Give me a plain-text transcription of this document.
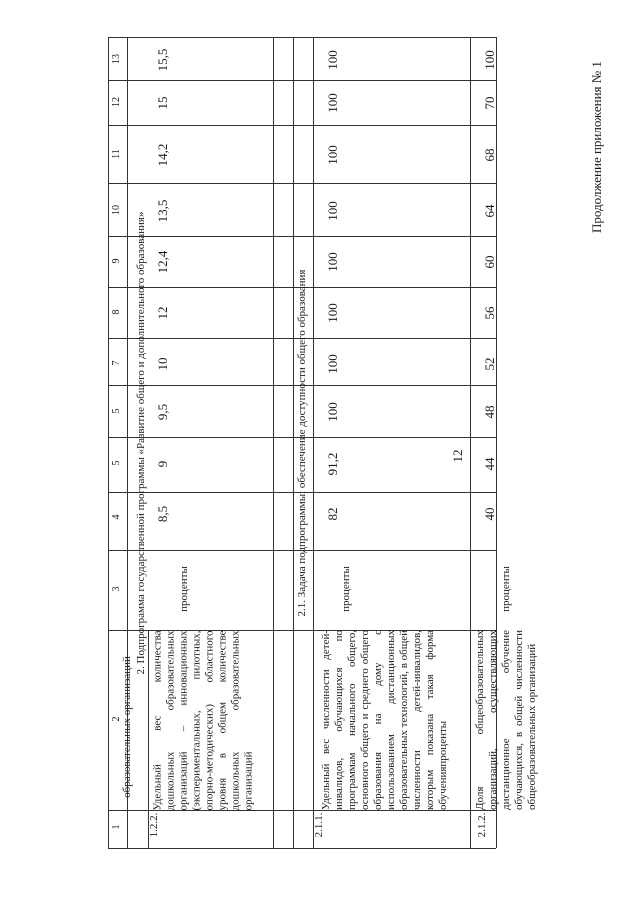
Продолжение приложения № 1
12
1
2
3
4
5
5
7
8
9
10
11
12
13
образовательных организаций
1.2.2.
Удельный вес количества дошкольных образовательных организаций – инновационных (экспериментальных, пилотных, опорно-методических) областного уровня в общем количестве дошкольных образовательных организаций
проценты
8,5
9
9,5
10
12
12,4
13,5
14,2
15
15,5
2. Подпрограмма государственной программы «Развитие общего и дополнительного образования»	2.1. Задача подпрограммы: обеспечение доступности общего образования
2.1.1.
Удельный вес численности детей-инвалидов, обучающихся по программам начального общего, основного общего и среднего общего образования на дому с использованием дистанционных образовательных технологий, в общей численности детей-инвалидов, которым показана такая форма обученияпроценты
проценты
82
91,2
100
100
100
100
100
100
100
100
2.1.2.
Доля общеобразовательных организаций, осуществляющих дистанционное обучение обучающихся, в общей численности общеобразовательных организаций
проценты
40
44
48
52
56
60
64
68
70
100
